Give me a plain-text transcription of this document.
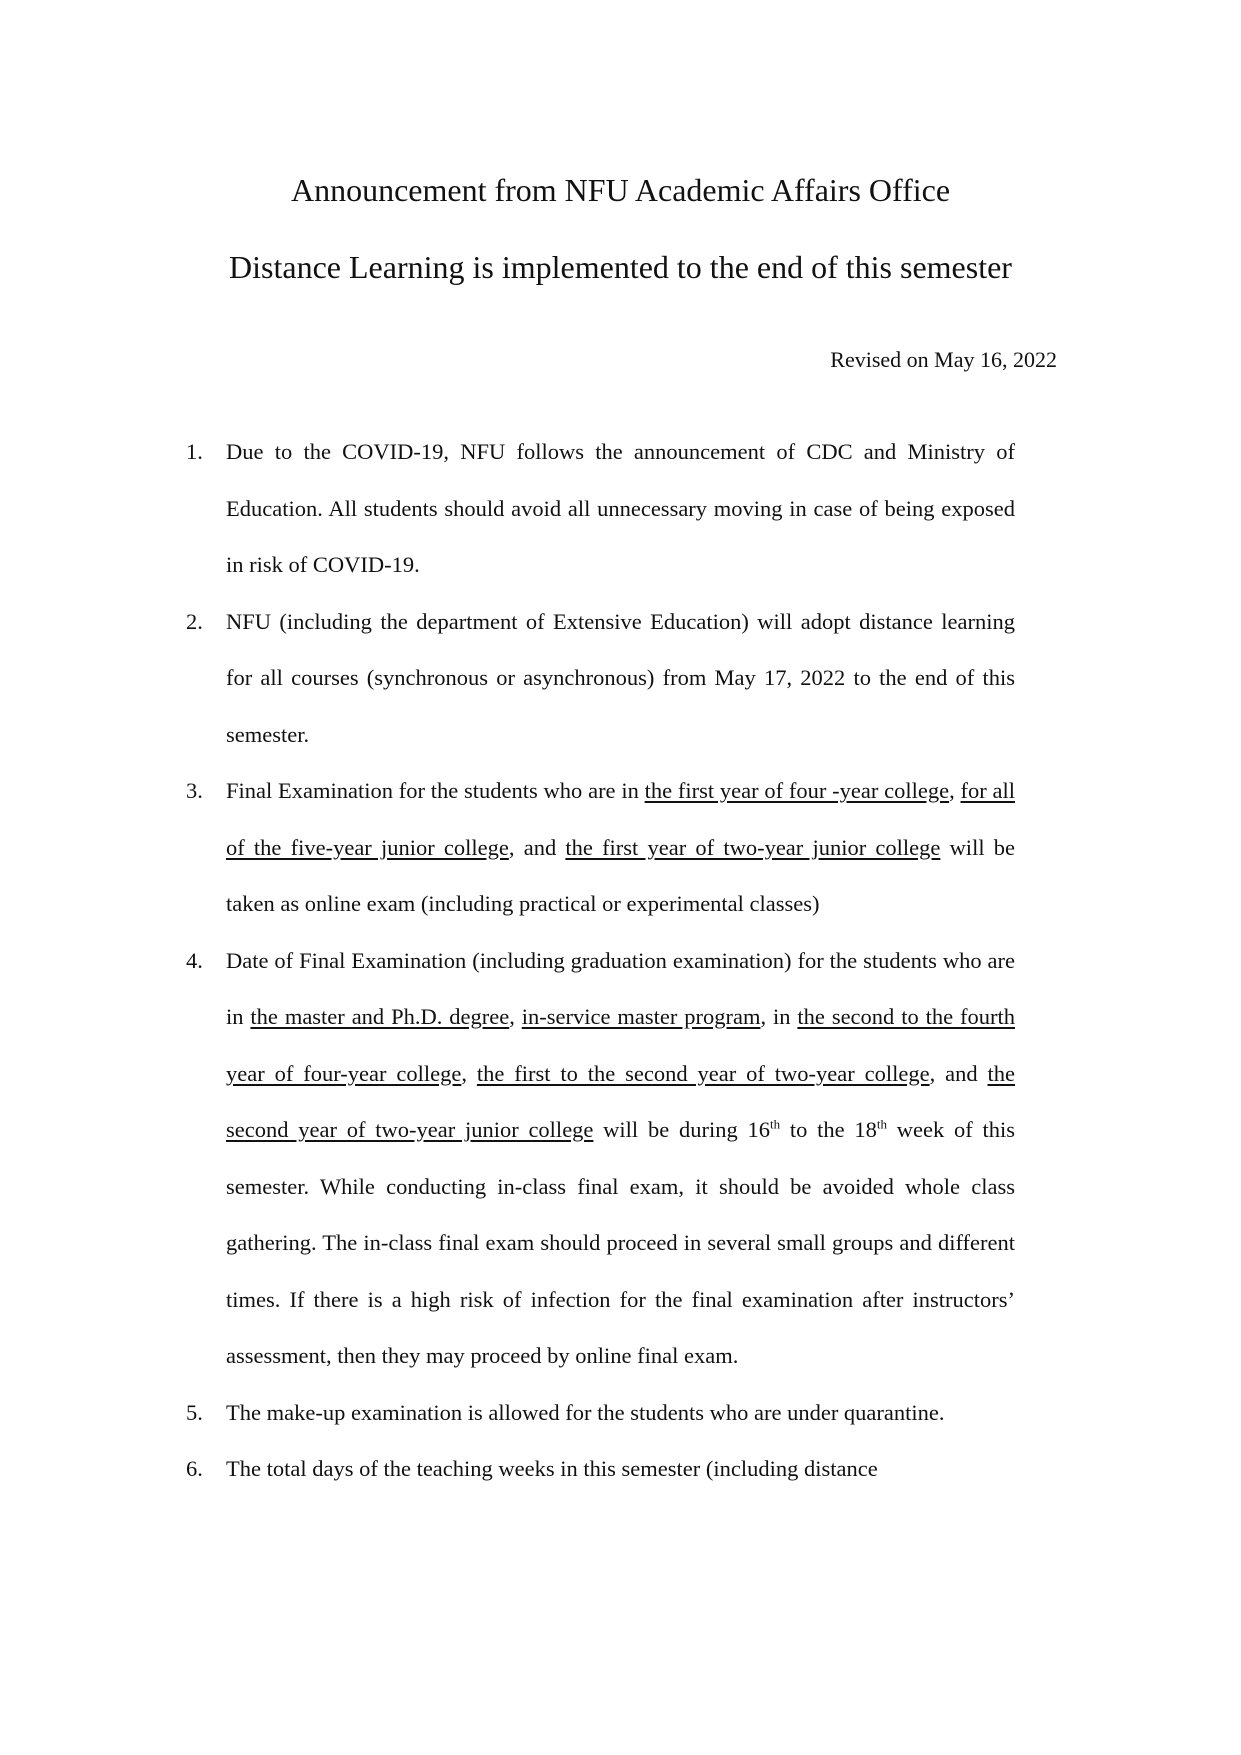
Announcement from NFU Academic Affairs Office
Distance Learning is implemented to the end of this semester
Revised on May 16, 2022
1.	Due to the COVID-19, NFU follows the announcement of CDC and Ministry of Education. All students should avoid all unnecessary moving in case of being exposed in risk of COVID-19.
2.	NFU (including the department of Extensive Education) will adopt distance learning for all courses (synchronous or asynchronous) from May 17, 2022 to the end of this semester.
3.	Final Examination for the students who are in the first year of four -year college, for all of the five-year junior college, and the first year of two-year junior college will be taken as online exam (including practical or experimental classes)
4.	Date of Final Examination (including graduation examination) for the students who are in the master and Ph.D. degree, in-service master program, in the second to the fourth year of four-year college, the first to the second year of two-year college, and the second year of two-year junior college will be during 16th to the 18th week of this semester. While conducting in-class final exam, it should be avoided whole class gathering. The in-class final exam should proceed in several small groups and different times. If there is a high risk of infection for the final examination after instructors’ assessment, then they may proceed by online final exam.
5.	The make-up examination is allowed for the students who are under quarantine.
6.	The total days of the teaching weeks in this semester (including distance
